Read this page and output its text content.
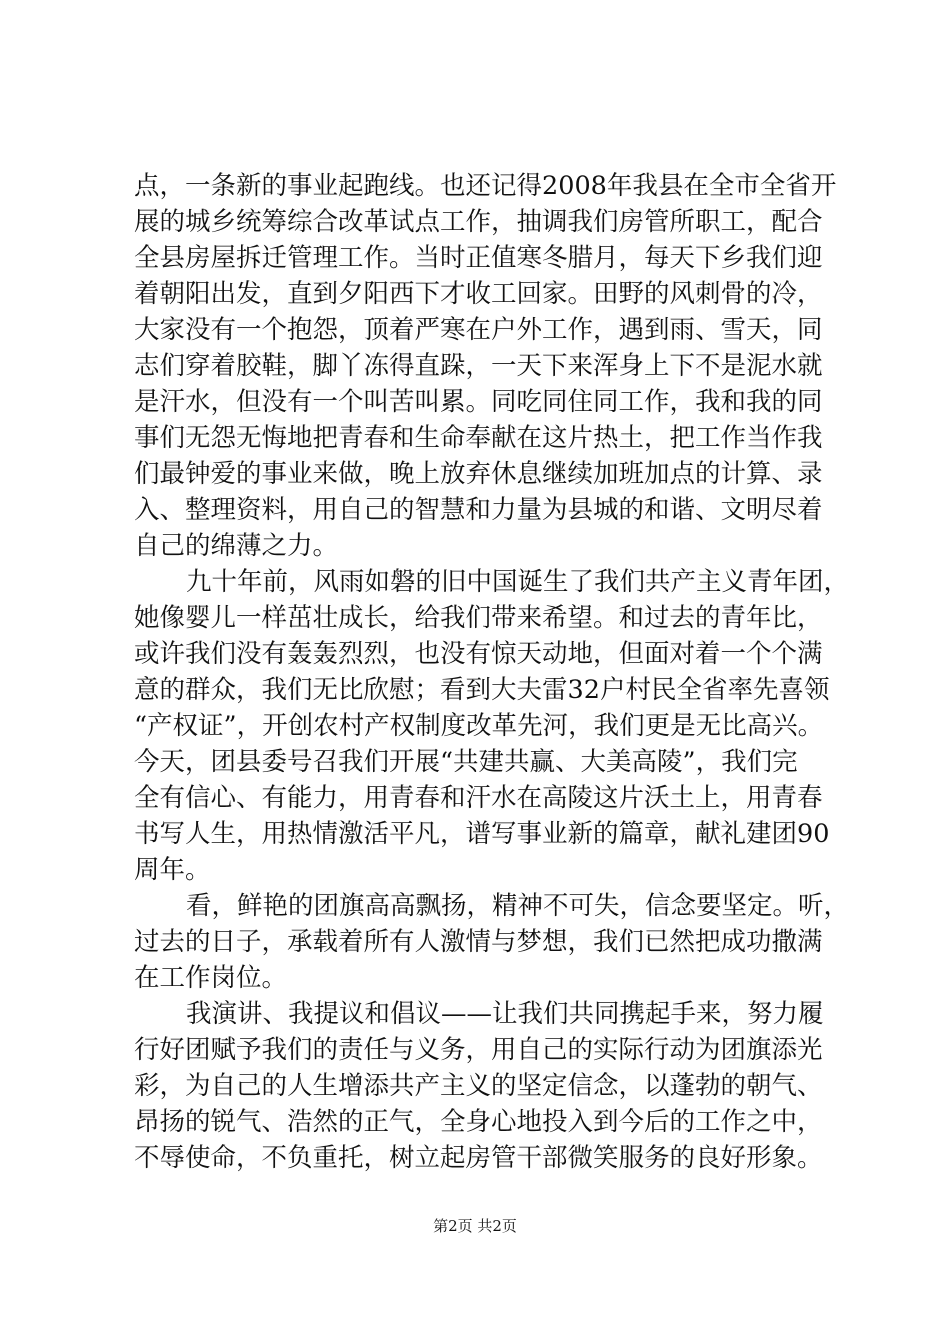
点，一条新的事业起跑线。也还记得2008年我县在全市全省开
展的城乡统筹综合改革试点工作，抽调我们房管所职工，配合
全县房屋拆迁管理工作。当时正值寒冬腊月，每天下乡我们迎
着朝阳出发，直到夕阳西下才收工回家。田野的风刺骨的冷，
大家没有一个抱怨，顶着严寒在户外工作，遇到雨、雪天，同
志们穿着胶鞋，脚丫冻得直跺，一天下来浑身上下不是泥水就
是汗水，但没有一个叫苦叫累。同吃同住同工作，我和我的同
事们无怨无悔地把青春和生命奉献在这片热土，把工作当作我
们最钟爱的事业来做，晚上放弃休息继续加班加点的计算、录
入、整理资料，用自己的智慧和力量为县城的和谐、文明尽着
自己的绵薄之力。
九十年前，风雨如磐的旧中国诞生了我们共产主义青年团，
她像婴儿一样茁壮成长，给我们带来希望。和过去的青年比，
或许我们没有轰轰烈烈，也没有惊天动地，但面对着一个个满
意的群众，我们无比欣慰；看到大夫雷32户村民全省率先喜领
“产权证”，开创农村产权制度改革先河，我们更是无比高兴。
今天，团县委号召我们开展“共建共赢、大美高陵”，我们完
全有信心、有能力，用青春和汗水在高陵这片沃土上，用青春
书写人生，用热情激活平凡，谱写事业新的篇章，献礼建团90
周年。
看，鲜艳的团旗高高飘扬，精神不可失，信念要坚定。听，
过去的日子，承载着所有人激情与梦想，我们已然把成功撒满
在工作岗位。
我演讲、我提议和倡议——让我们共同携起手来，努力履
行好团赋予我们的责任与义务，用自己的实际行动为团旗添光
彩，为自己的人生增添共产主义的坚定信念，以蓬勃的朝气、
昂扬的锐气、浩然的正气，全身心地投入到今后的工作之中，
不辱使命，不负重托，树立起房管干部微笑服务的良好形象。
第2页 共2页
